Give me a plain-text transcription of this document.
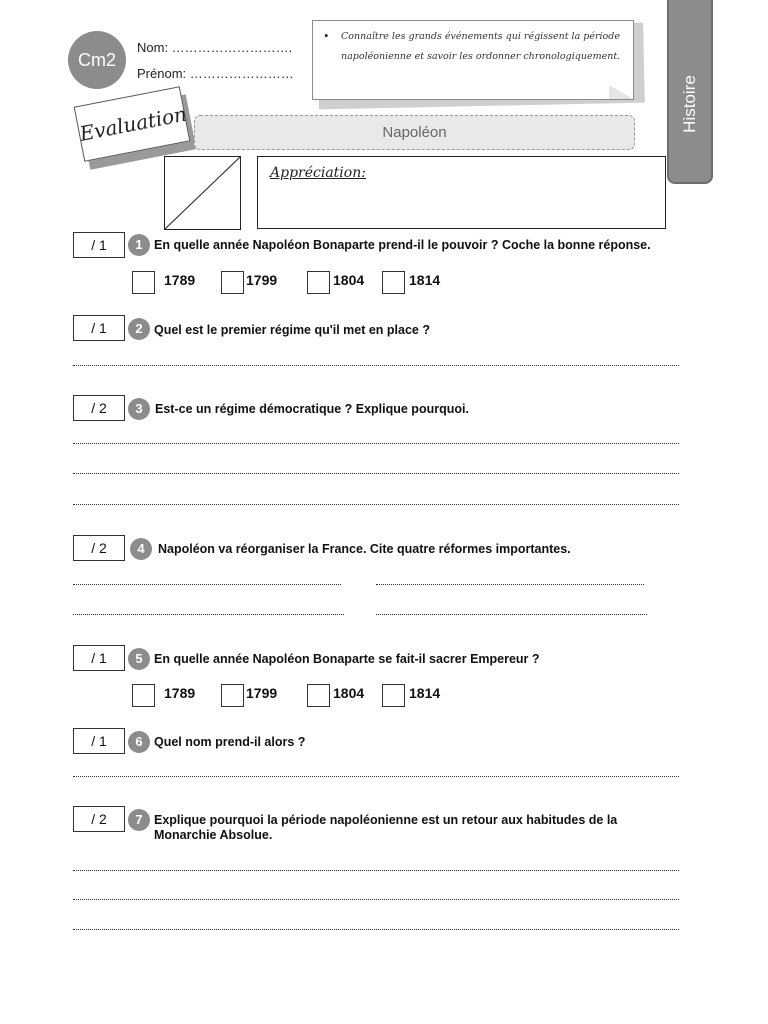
Cm2
Nom: ……………………….
Prénom: ……………………
• Connaître les grands événements qui régissent la période napoléonienne et savoir les ordonner chronologiquement.
Histoire
Evaluation	Napoléon
Appréciation:
/ 1	1 En quelle année Napoléon Bonaparte prend-il le pouvoir ? Coche la bonne réponse.
1789	1799	1804	1814
/ 1	2 Quel est le premier régime qu'il met en place ?
/ 2	3 Est-ce un régime démocratique ? Explique pourquoi.
/ 2	4	Napoléon va réorganiser la France. Cite quatre réformes importantes.
/ 1	5 En quelle année Napoléon Bonaparte se fait-il sacrer Empereur ?
1789	1799	1804	1814
/ 1	6 Quel nom prend-il alors ?
/ 2	7 Explique pourquoi la période napoléonienne est un retour aux habitudes de la
Monarchie Absolue.
